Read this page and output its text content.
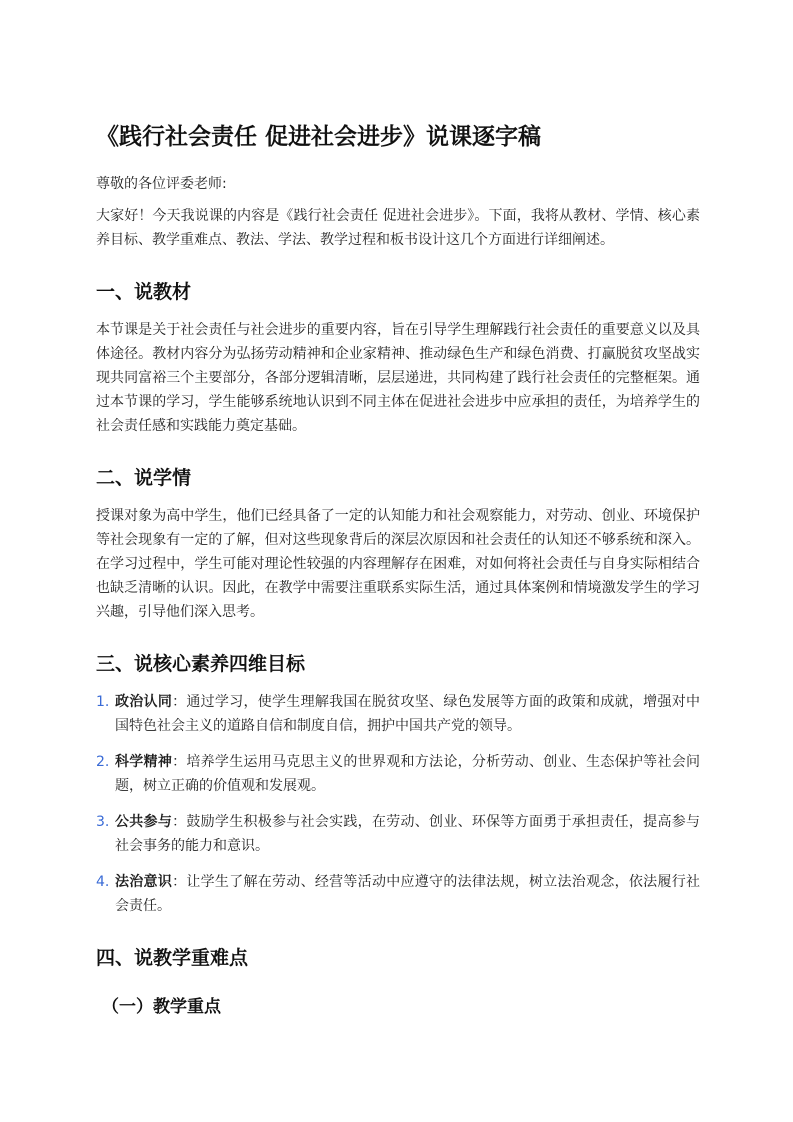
《践行社会责任 促进社会进步》说课逐字稿

尊敬的各位评委老师:

大家好！今天我说课的内容是《践行社会责任 促进社会进步》。下面，我将从教材、学情、核心素养目标、教学重难点、教法、学法、教学过程和板书设计这几个方面进行详细阐述。

一、说教材

本节课是关于社会责任与社会进步的重要内容，旨在引导学生理解践行社会责任的重要意义以及具体途径。教材内容分为弘扬劳动精神和企业家精神、推动绿色生产和绿色消费、打赢脱贫攻坚战实现共同富裕三个主要部分，各部分逻辑清晰，层层递进，共同构建了践行社会责任的完整框架。通过本节课的学习，学生能够系统地认识到不同主体在促进社会进步中应承担的责任，为培养学生的社会责任感和实践能力奠定基础。

二、说学情

授课对象为高中学生，他们已经具备了一定的认知能力和社会观察能力，对劳动、创业、环境保护等社会现象有一定的了解，但对这些现象背后的深层次原因和社会责任的认知还不够系统和深入。在学习过程中，学生可能对理论性较强的内容理解存在困难，对如何将社会责任与自身实际相结合也缺乏清晰的认识。因此，在教学中需要注重联系实际生活，通过具体案例和情境激发学生的学习兴趣，引导他们深入思考。

三、说核心素养四维目标
1. 政治认同：通过学习，使学生理解我国在脱贫攻坚、绿色发展等方面的政策和成就，增强对中国特色社会主义的道路自信和制度自信，拥护中国共产党的领导。
2. 科学精神：培养学生运用马克思主义的世界观和方法论，分析劳动、创业、生态保护等社会问题，树立正确的价值观和发展观。
3. 公共参与：鼓励学生积极参与社会实践，在劳动、创业、环保等方面勇于承担责任，提高参与社会事务的能力和意识。
4. 法治意识：让学生了解在劳动、经营等活动中应遵守的法律法规，树立法治观念，依法履行社会责任。
四、说教学重难点
（一）教学重点
